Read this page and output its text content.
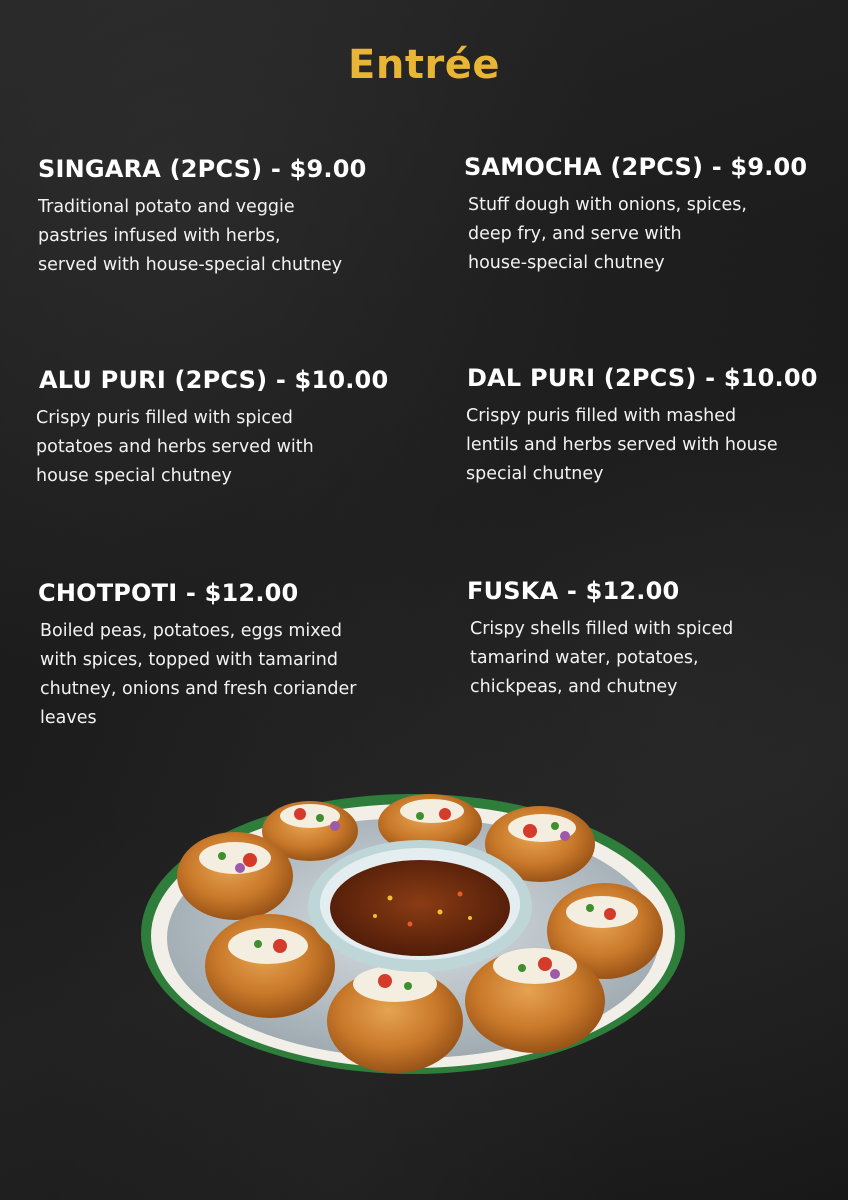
Entrée
SINGARA (2PCS) - $9.00

Traditional potato and veggie
pastries infused with herbs,
served with house-special chutney

SAMOCHA (2PCS) - $9.00

Stuff dough with onions, spices,
deep fry, and serve with
house-special chutney

ALU PURI (2PCS) - $10.00

Crispy puris filled with spiced
potatoes and herbs served with
house special chutney

DAL PURI (2PCS) - $10.00

Crispy puris filled with mashed
lentils and herbs served with house
special chutney

CHOTPOTI - $12.00

Boiled peas, potatoes, eggs mixed
with spices, topped with tamarind
chutney, onions and fresh coriander
leaves

FUSKA - $12.00

Crispy shells filled with spiced
tamarind water, potatoes,
chickpeas, and chutney
